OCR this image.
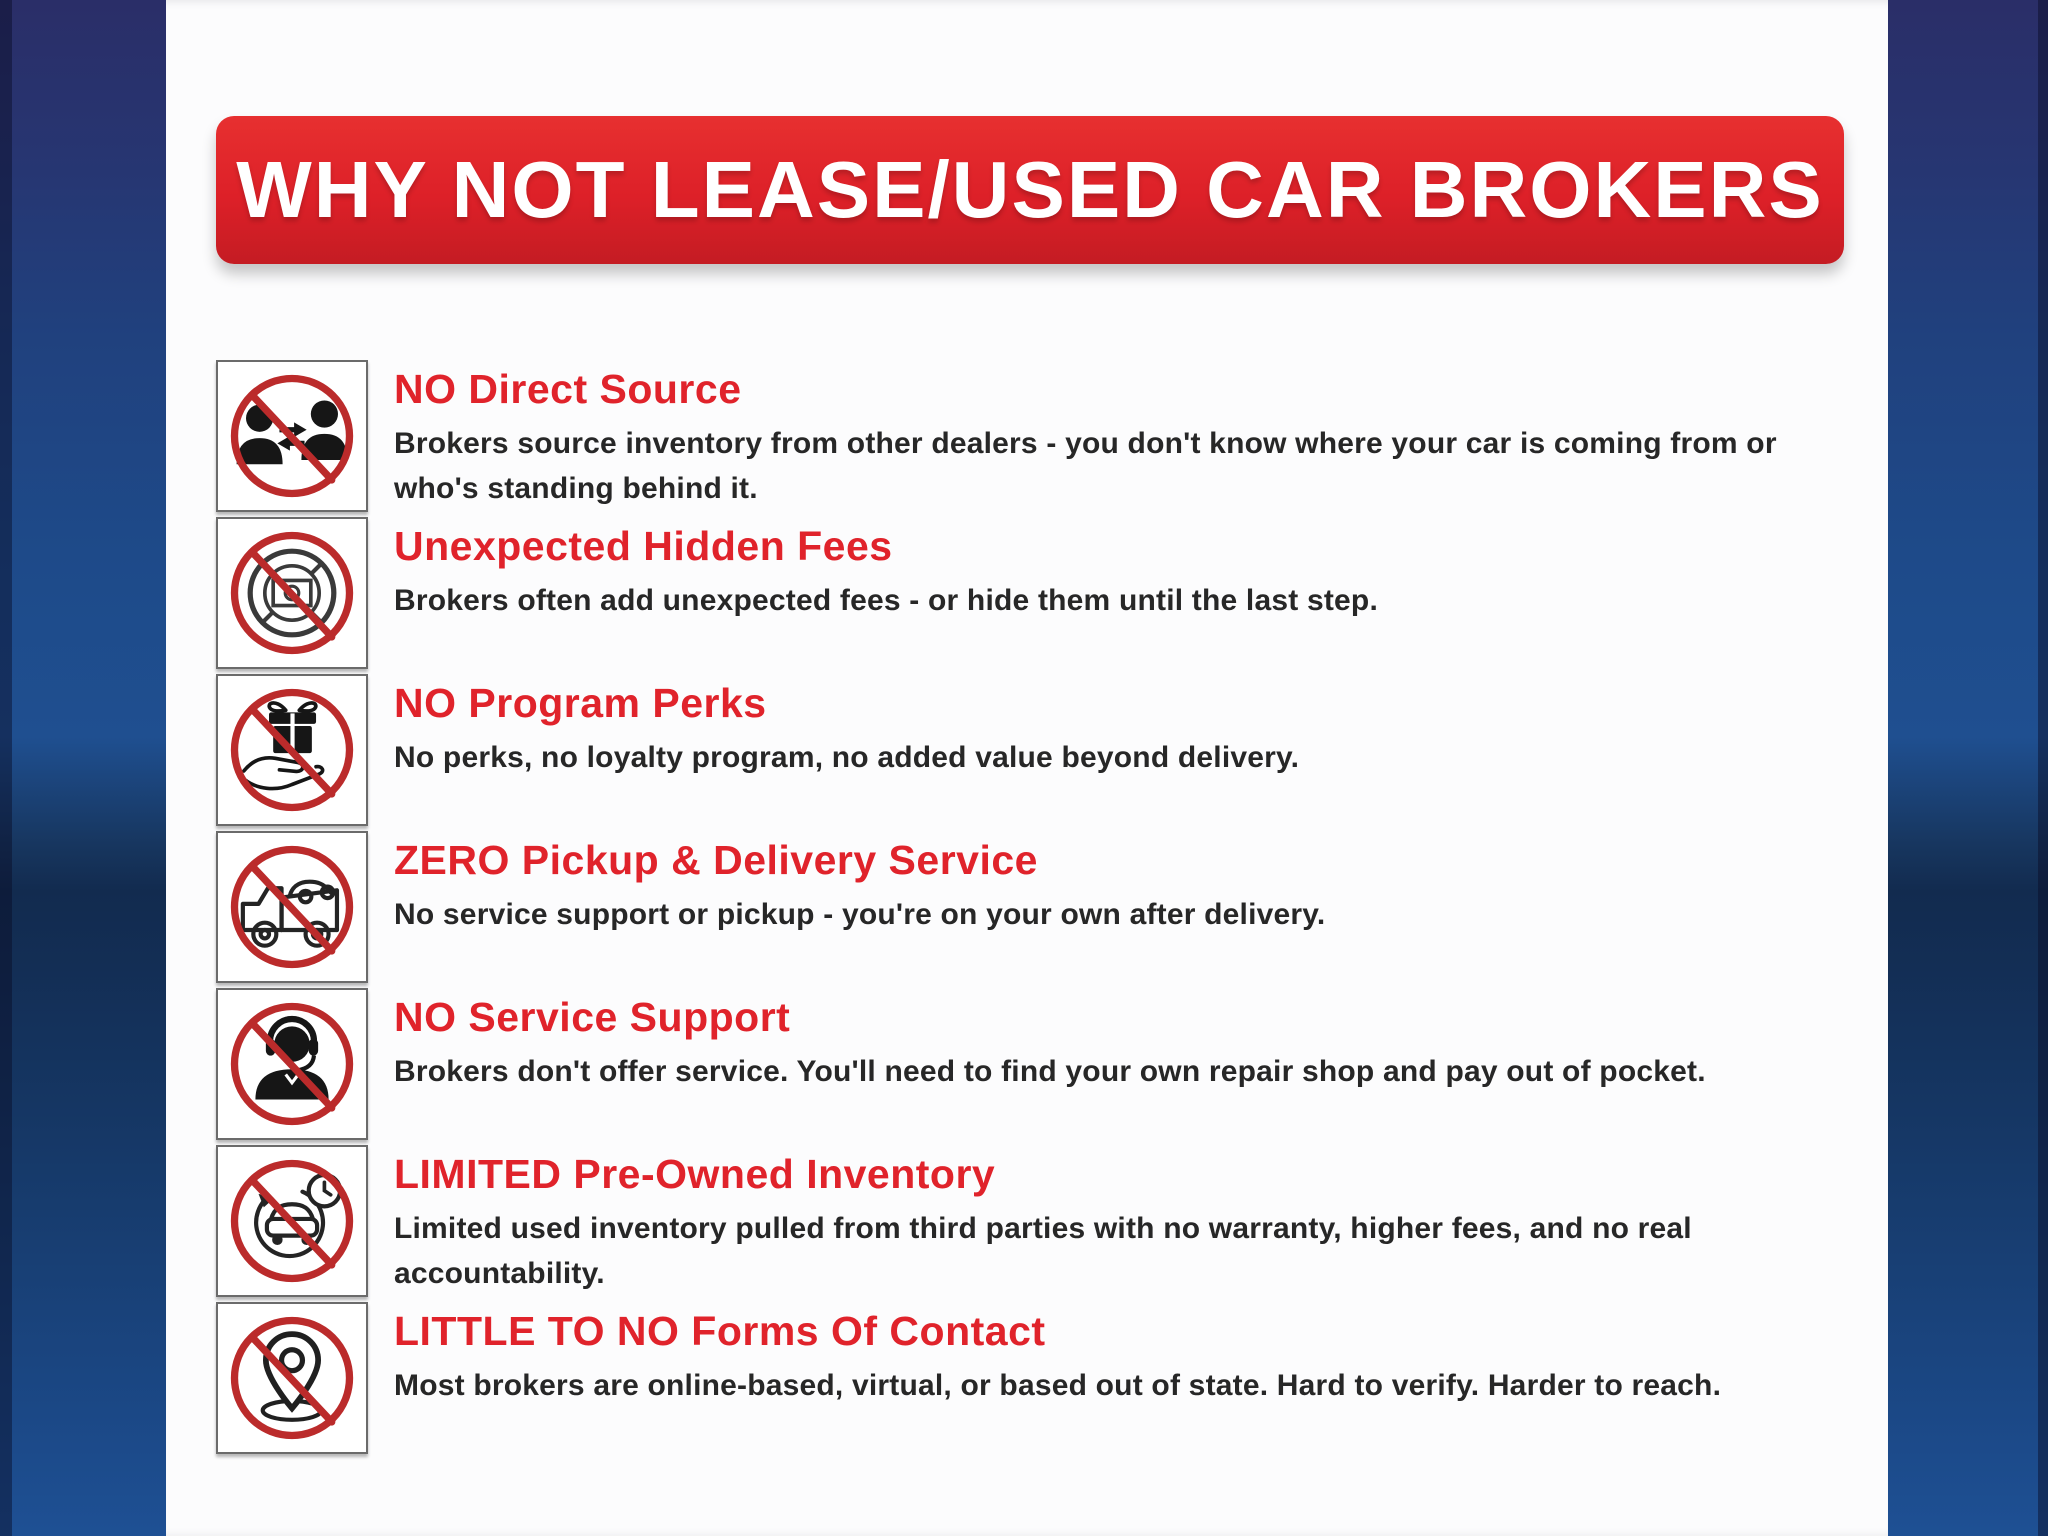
WHY NOT LEASE/USED CAR BROKERS

NO Direct Source

Brokers source inventory from other dealers - you don't know where your car is coming from or who's standing behind it.

Unexpected Hidden Fees

Brokers often add unexpected fees - or hide them until the last step.

NO Program Perks

No perks, no loyalty program, no added value beyond delivery.

ZERO Pickup & Delivery Service

No service support or pickup - you're on your own after delivery.

NO Service Support

Brokers don't offer service. You'll need to find your own repair shop and pay out of pocket.

LIMITED Pre-Owned Inventory

Limited used inventory pulled from third parties with no warranty, higher fees, and no real accountability.

LITTLE TO NO Forms Of Contact

Most brokers are online-based, virtual, or based out of state. Hard to verify. Harder to reach.
